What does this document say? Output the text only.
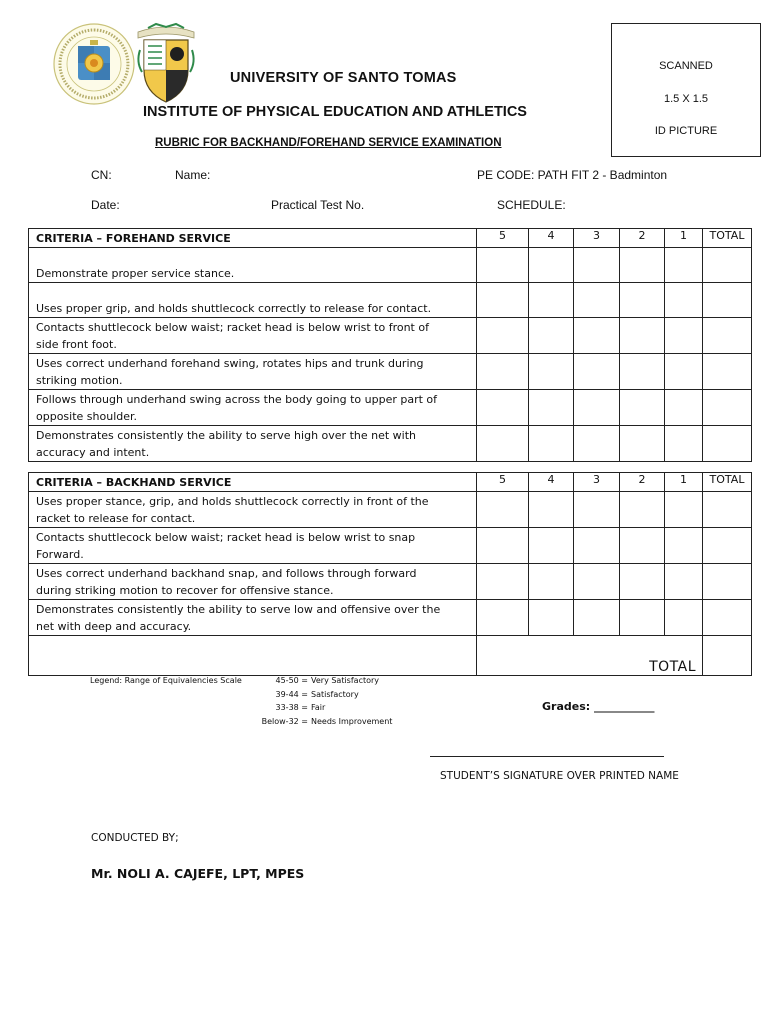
UNIVERSITY OF SANTO TOMAS
INSTITUTE OF PHYSICAL EDUCATION AND ATHLETICS
RUBRIC FOR BACKHAND/FOREHAND SERVICE EXAMINATION
SCANNED
1.5 X 1.5
ID PICTURE
CN:	Name:	PE CODE: PATH FIT 2 - Badminton
Date:	Practical Test No.	SCHEDULE:
CRITERIA – FOREHAND SERVICE	5	4	3	2	1	TOTAL

Demonstrate proper service stance.						

Uses proper grip, and holds shuttlecock correctly to release for contact.						

Contacts shuttlecock below waist; racket head is below wrist to front of
side front foot.						

Uses correct underhand forehand swing, rotates hips and trunk during
striking motion.						

Follows through underhand swing across the body going to upper part of
opposite shoulder.						

Demonstrates consistently the ability to serve high over the net with
accuracy and intent.						

CRITERIA – BACKHAND SERVICE	5	4	3	2	1	TOTAL

Uses proper stance, grip, and holds shuttlecock correctly in front of the
racket to release for contact.						

Contacts shuttlecock below waist; racket head is below wrist to snap
Forward.						

Uses correct underhand backhand snap, and follows through forward
during striking motion to recover for offensive stance.						

Demonstrates consistently the ability to serve low and offensive over the
net with deep and accuracy.						

	TOTAL					
Legend: Range of Equivalencies Scale	45-50 = Very Satisfactory
39-44 = Satisfactory
33-38 = Fair
Below-32 = Needs Improvement
Grades: ___________
STUDENT’S SIGNATURE OVER PRINTED NAME
CONDUCTED BY;
Mr. NOLI A. CAJEFE, LPT, MPES
